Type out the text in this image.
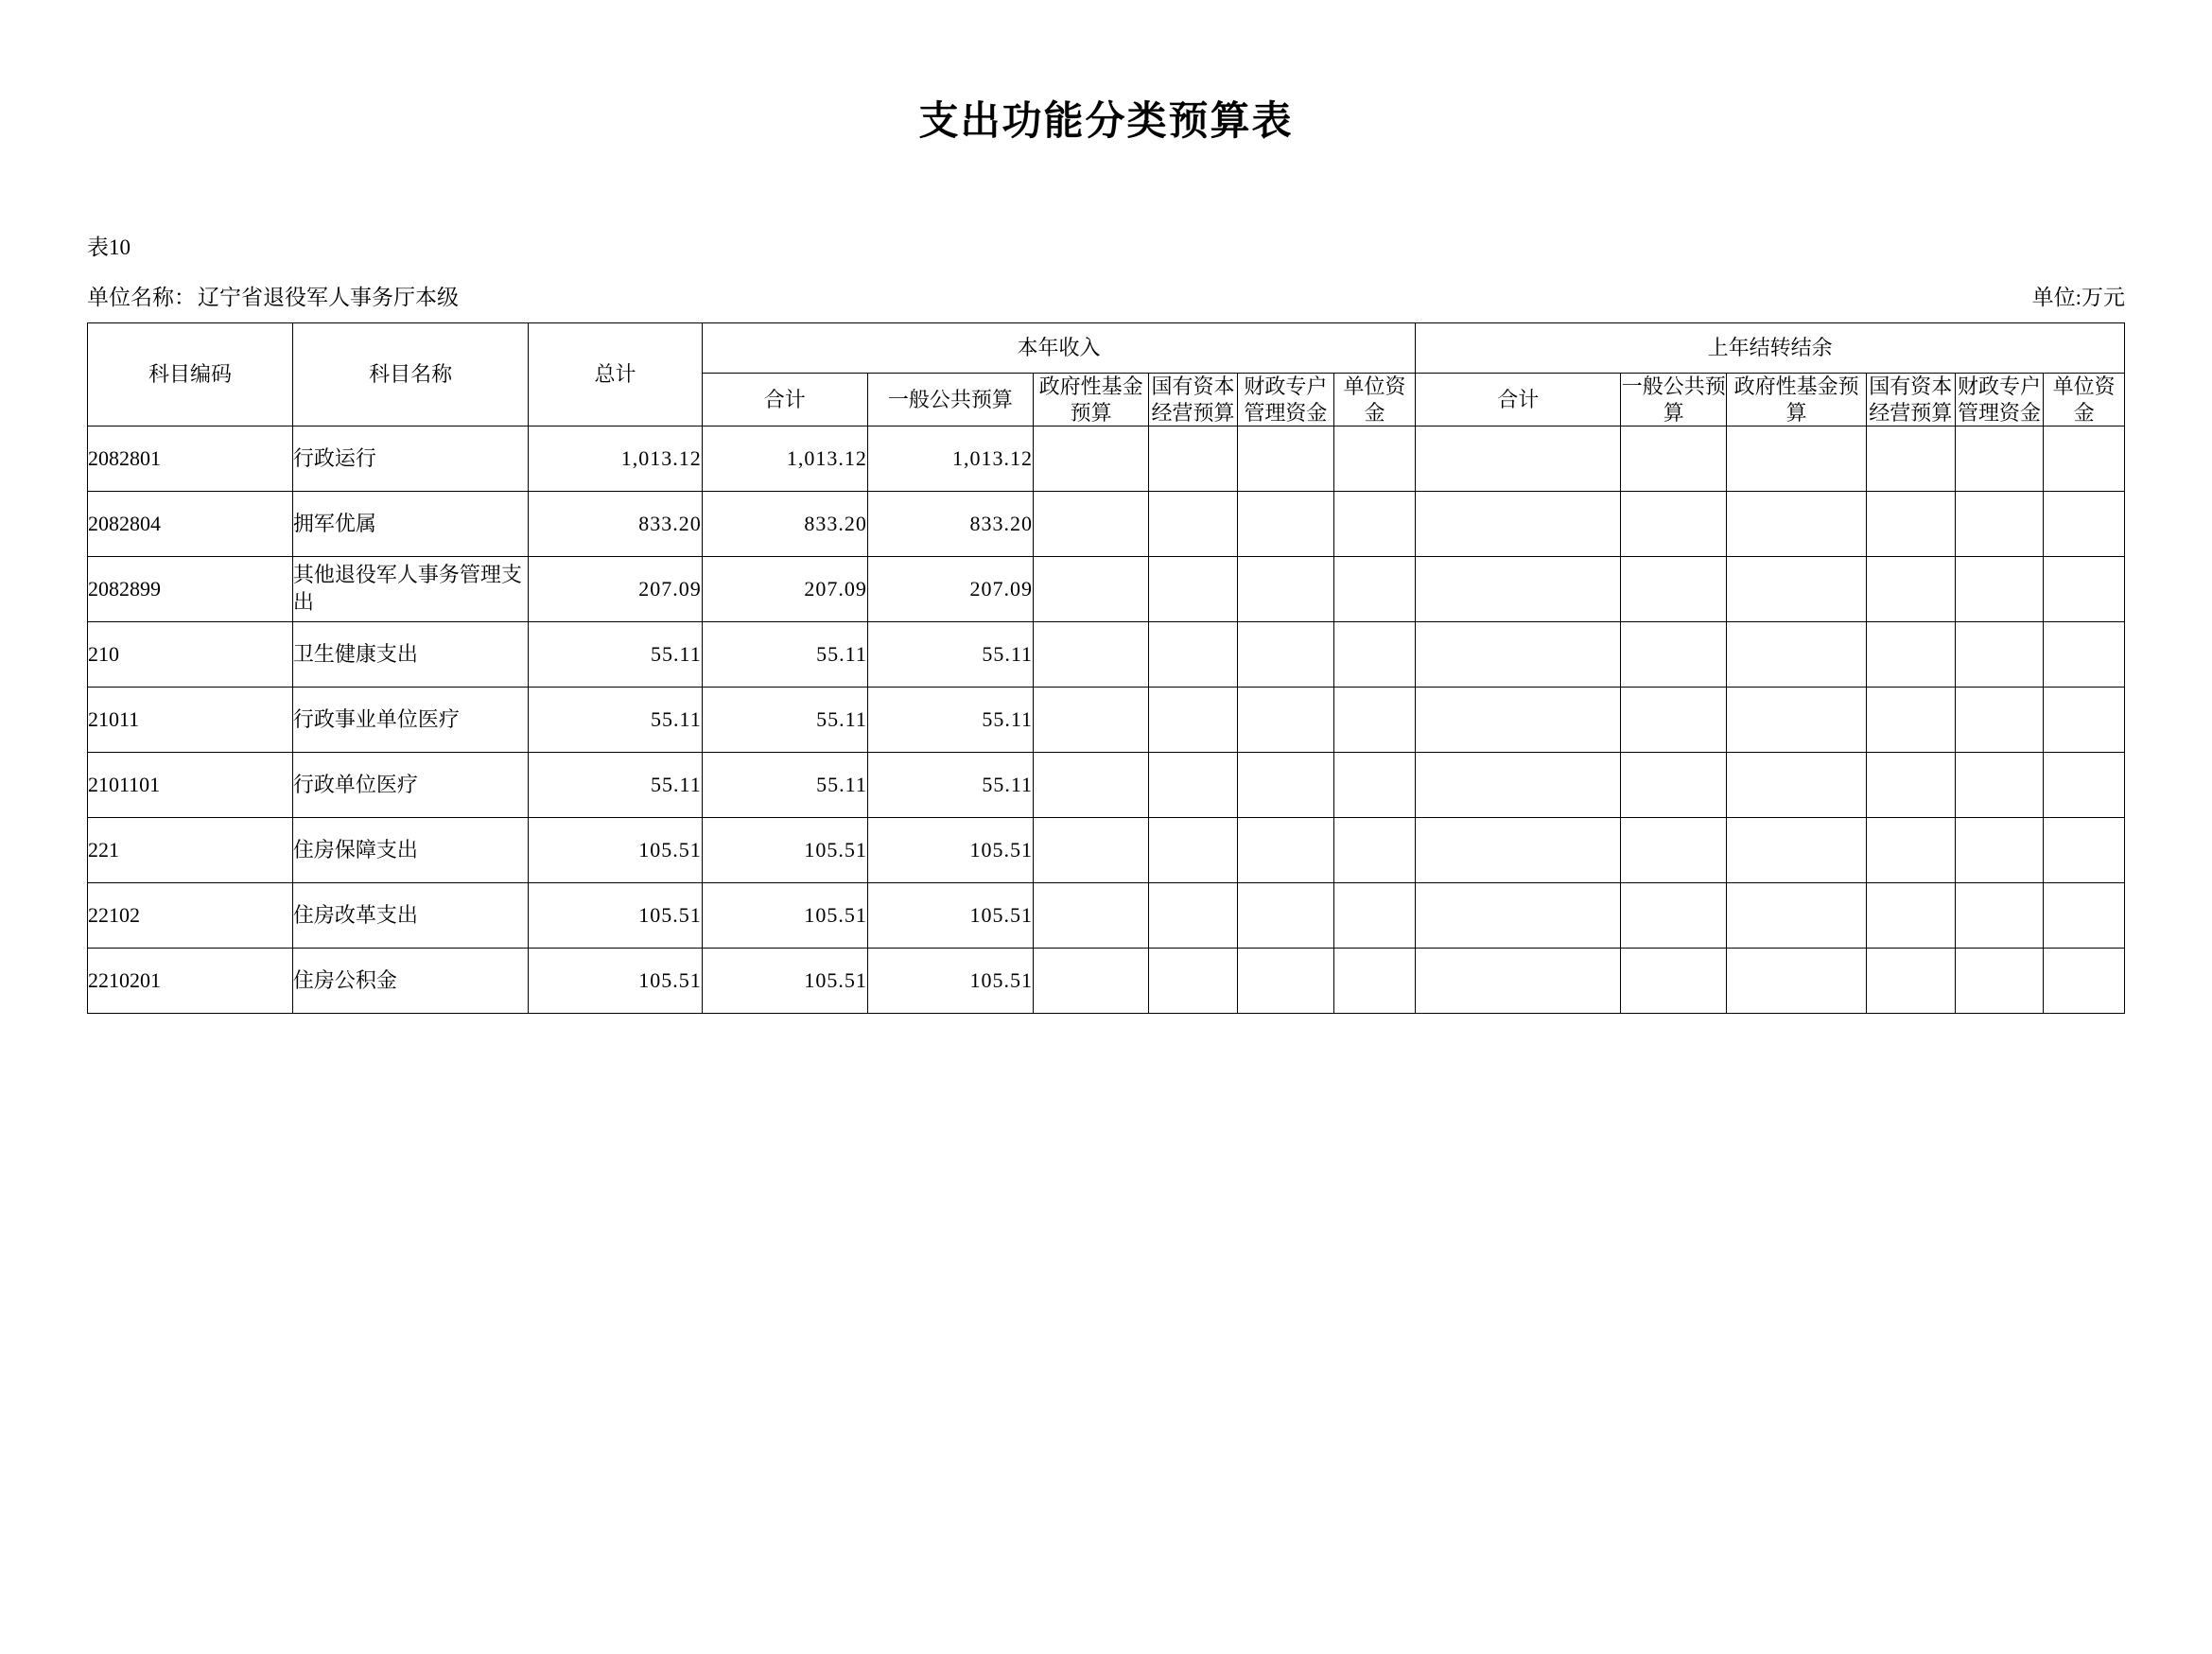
支出功能分类预算表
表10
单位名称： 辽宁省退役军人事务厅本级	单位:万元
科目编码	科目名称	总计	本年收入						上年结转结余					
			合计	一般公共预算	政府性基金预算	国有资本经营预算	财政专户管理资金	单位资金	合计	一般公共预算	政府性基金预算	国有资本经营预算	财政专户管理资金	单位资金
2082801	行政运行	1,013.12	1,013.12	1,013.12										
2082804	拥军优属	833.20	833.20	833.20										
2082899	其他退役军人事务管理支出	207.09	207.09	207.09										
210	卫生健康支出	55.11	55.11	55.11										
21011	行政事业单位医疗	55.11	55.11	55.11										
2101101	行政单位医疗	55.11	55.11	55.11										
221	住房保障支出	105.51	105.51	105.51										
22102	住房改革支出	105.51	105.51	105.51										
2210201	住房公积金	105.51	105.51	105.51										
